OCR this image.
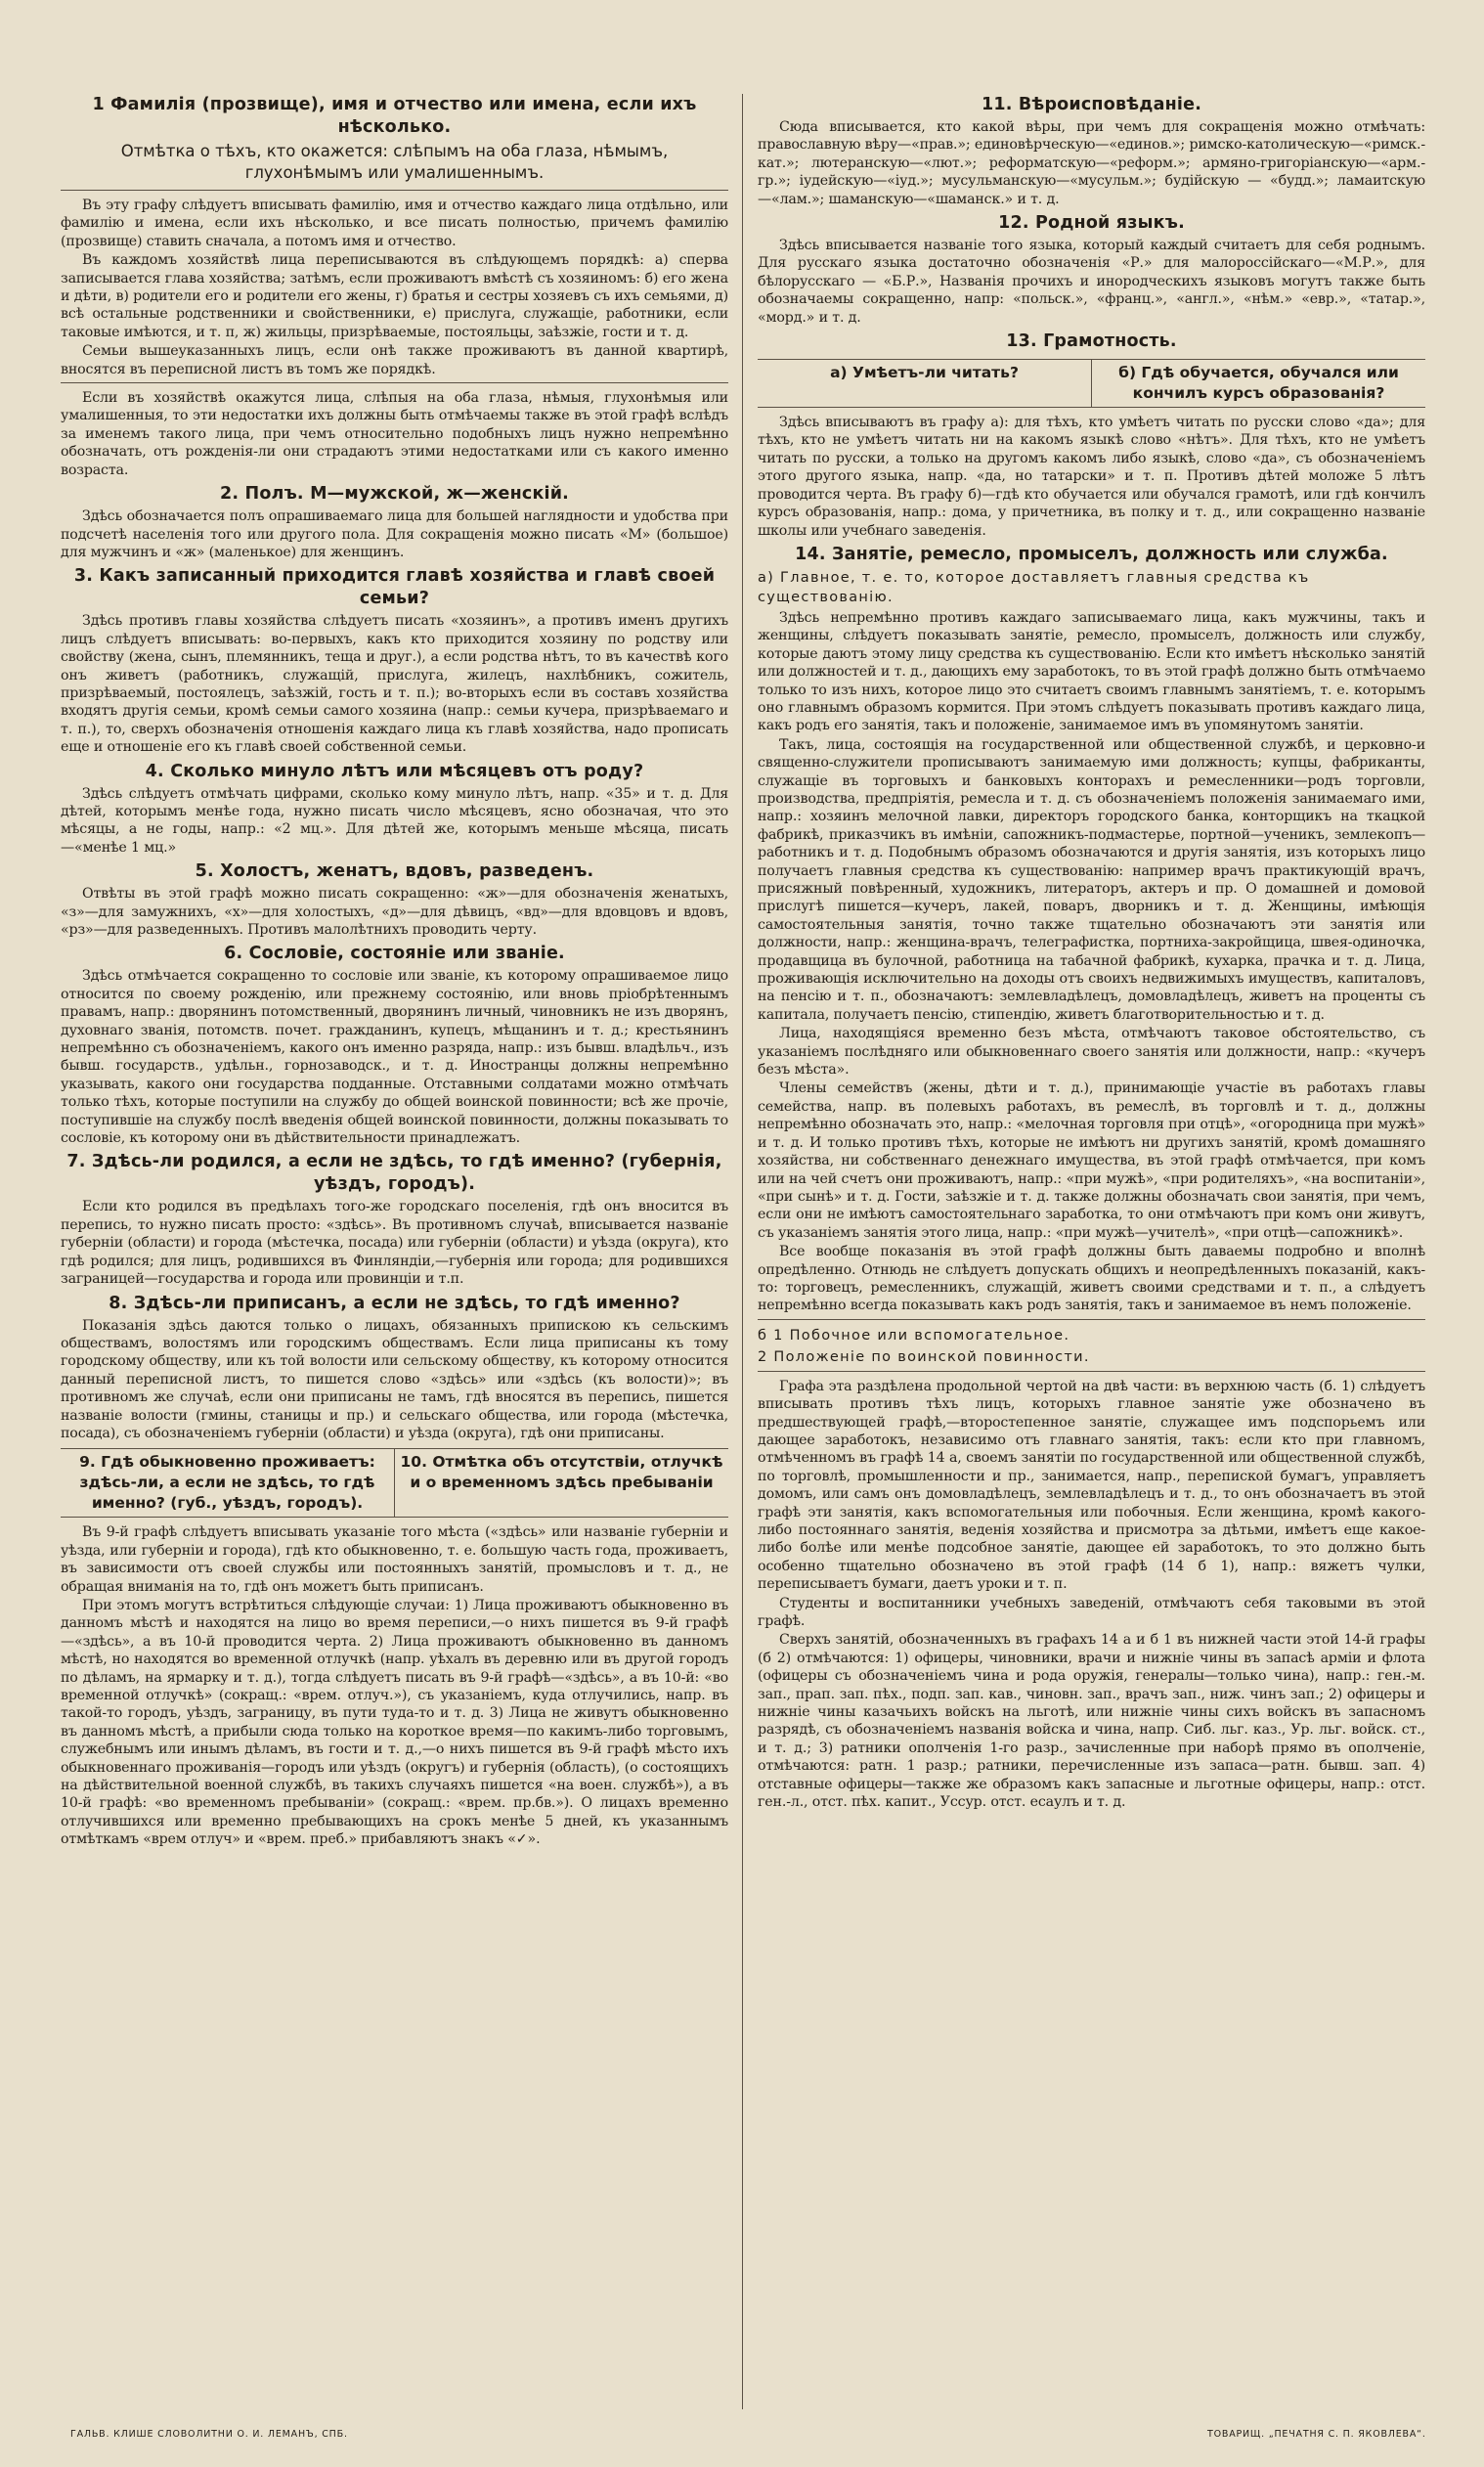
1 Фамилія (прозвище), имя и отчество или имена, если ихъ нѣсколько.
Отмѣтка о тѣхъ, кто окажется: слѣпымъ на оба глаза, нѣмымъ, глухонѣмымъ или умалишеннымъ.

Въ эту графу слѣдуетъ вписывать фамилію, имя и отчество каждаго лица отдѣльно, или фамилію и имена, если ихъ нѣсколько, и все писать полностью, причемъ фамилію (прозвище) ставить сначала, а потомъ имя и отчество.

Въ каждомъ хозяйствѣ лица переписываются въ слѣдующемъ порядкѣ: а) сперва записывается глава хозяйства; затѣмъ, если проживаютъ вмѣстѣ съ хозяиномъ: б) его жена и дѣти, в) родители его и родители его жены, г) братья и сестры хозяевъ съ ихъ семьями, д) всѣ остальные родственники и свойственники, е) прислуга, служащіе, работники, если таковые имѣются, и т. п, ж) жильцы, призрѣваемые, постояльцы, заѣзжіе, гости и т. д.

Семьи вышеуказанныхъ лицъ, если онѣ также проживаютъ въ данной квартирѣ, вносятся въ переписной листъ въ томъ же порядкѣ.

Если въ хозяйствѣ окажутся лица, слѣпыя на оба глаза, нѣмыя, глухонѣмыя или умалишенныя, то эти недостатки ихъ должны быть отмѣчаемы также въ этой графѣ вслѣдъ за именемъ такого лица, при чемъ относительно подобныхъ лицъ нужно непремѣнно обозначать, отъ рожденія-ли они страдаютъ этими недостатками или съ какого именно возраста.

2. Полъ. М—мужской, ж—женскій.

Здѣсь обозначается полъ опрашиваемаго лица для большей наглядности и удобства при подсчетѣ населенія того или другого пола. Для сокращенія можно писать «М» (большое) для мужчинъ и «ж» (маленькое) для женщинъ.

3. Какъ записанный приходится главѣ хозяйства и главѣ своей семьи?

Здѣсь противъ главы хозяйства слѣдуетъ писать «хозяинъ», а противъ именъ другихъ лицъ слѣдуетъ вписывать: во-первыхъ, какъ кто приходится хозяину по родству или свойству (жена, сынъ, племянникъ, теща и друг.), а если родства нѣтъ, то въ качествѣ кого онъ живетъ (работникъ, служащій, прислуга, жилецъ, нахлѣбникъ, сожитель, призрѣваемый, постоялецъ, заѣзжій, гость и т. п.); во-вторыхъ если въ составъ хозяйства входятъ другія семьи, кромѣ семьи самого хозяина (напр.: семьи кучера, призрѣваемаго и т. п.), то, сверхъ обозначенія отношенія каждаго лица къ главѣ хозяйства, надо прописать еще и отношеніе его къ главѣ своей собственной семьи.

4. Сколько минуло лѣтъ или мѣсяцевъ отъ роду?

Здѣсь слѣдуетъ отмѣчать цифрами, сколько кому минуло лѣтъ, напр. «35» и т. д. Для дѣтей, которымъ менѣе года, нужно писать число мѣсяцевъ, ясно обозначая, что это мѣсяцы, а не годы, напр.: «2 мц.». Для дѣтей же, которымъ меньше мѣсяца, писать—«менѣе 1 мц.»

5. Холостъ, женатъ, вдовъ, разведенъ.

Отвѣты въ этой графѣ можно писать сокращенно: «ж»—для обозначенія женатыхъ, «з»—для замужнихъ, «х»—для холостыхъ, «д»—для дѣвицъ, «вд»—для вдовцовъ и вдовъ, «рз»—для разведенныхъ. Противъ малолѣтнихъ проводить черту.

6. Сословіе, состояніе или званіе.

Здѣсь отмѣчается сокращенно то сословіе или званіе, къ которому опрашиваемое лицо относится по своему рожденію, или прежнему состоянію, или вновь пріобрѣтеннымъ правамъ, напр.: дворянинъ потомственный, дворянинъ личный, чиновникъ не изъ дворянъ, духовнаго званія, потомств. почет. гражданинъ, купецъ, мѣщанинъ и т. д.; крестьянинъ непремѣнно съ обозначеніемъ, какого онъ именно разряда, напр.: изъ бывш. владѣльч., изъ бывш. государств., удѣльн., горнозаводск., и т. д. Иностранцы должны непремѣнно указывать, какого они государства подданные. Отставными солдатами можно отмѣчать только тѣхъ, которые поступили на службу до общей воинской повинности; всѣ же прочіе, поступившіе на службу послѣ введенія общей воинской повинности, должны показывать то сословіе, къ которому они въ дѣйствительности принадлежатъ.

7. Здѣсь-ли родился, а если не здѣсь, то гдѣ именно? (губернія, уѣздъ, городъ).

Если кто родился въ предѣлахъ того-же городскаго поселенія, гдѣ онъ вносится въ перепись, то нужно писать просто: «здѣсь». Въ противномъ случаѣ, вписывается названіе губерніи (области) и города (мѣстечка, посада) или губерніи (области) и уѣзда (округа), кто гдѣ родился; для лицъ, родившихся въ Финляндіи,—губернія или города; для родившихся заграницей—государства и города или провинціи и т.п.

8. Здѣсь-ли приписанъ, а если не здѣсь, то гдѣ именно?

Показанія здѣсь даются только о лицахъ, обязанныхъ припискою къ сельскимъ обществамъ, волостямъ или городскимъ обществамъ. Если лица приписаны къ тому городскому обществу, или къ той волости или сельскому обществу, къ которому относится данный переписной листъ, то пишется слово «здѣсь» или «здѣсь (къ волости)»; въ противномъ же случаѣ, если они приписаны не тамъ, гдѣ вносятся въ перепись, пишется названіе волости (гмины, станицы и пр.) и сельскаго общества, или города (мѣстечка, посада), съ обозначеніемъ губерніи (области) и уѣзда (округа), гдѣ они приписаны.

9. Гдѣ обыкновенно проживаетъ: здѣсь-ли, а если не здѣсь, то гдѣ именно? (губ., уѣздъ, городъ).
10. Отмѣтка объ отсутствіи, отлучкѣ и о временномъ здѣсь пребываніи

Въ 9-й графѣ слѣдуетъ вписывать указаніе того мѣста («здѣсь» или названіе губерніи и уѣзда, или губерніи и города), гдѣ кто обыкновенно, т. е. большую часть года, проживаетъ, въ зависимости отъ своей службы или постоянныхъ занятій, промысловъ и т. д., не обращая вниманія на то, гдѣ онъ можетъ быть приписанъ.

При этомъ могутъ встрѣтиться слѣдующіе случаи: 1) Лица проживаютъ обыкновенно въ данномъ мѣстѣ и находятся на лицо во время переписи,—о нихъ пишется въ 9-й графѣ—«здѣсь», а въ 10-й проводится черта. 2) Лица проживаютъ обыкновенно въ данномъ мѣстѣ, но находятся во временной отлучкѣ (напр. уѣхалъ въ деревню или въ другой городъ по дѣламъ, на ярмарку и т. д.), тогда слѣдуетъ писать въ 9-й графѣ—«здѣсь», а въ 10-й: «во временной отлучкѣ» (сокращ.: «врем. отлуч.»), съ указаніемъ, куда отлучились, напр. въ такой-то городъ, уѣздъ, заграницу, въ пути туда-то и т. д. 3) Лица не живутъ обыкновенно въ данномъ мѣстѣ, а прибыли сюда только на короткое время—по какимъ-либо торговымъ, служебнымъ или инымъ дѣламъ, въ гости и т. д.,—о нихъ пишется въ 9-й графѣ мѣсто ихъ обыкновеннаго проживанія—городъ или уѣздъ (округъ) и губернія (область), (о состоящихъ на дѣйствительной военной службѣ, въ такихъ случаяхъ пишется «на воен. службѣ»), а въ 10-й графѣ: «во временномъ пребываніи» (сокращ.: «врем. пр.бв.»). О лицахъ временно отлучившихся или временно пребывающихъ на срокъ менѣе 5 дней, къ указаннымъ отмѣткамъ «врем отлуч» и «врем. преб.» прибавляютъ знакъ «✓».

11. Вѣроисповѣданіе.

Сюда вписывается, кто какой вѣры, при чемъ для сокращенія можно отмѣчать: православную вѣру—«прав.»; единовѣрческую—«единов.»; римско-католическую—«римск.-кат.»; лютеранскую—«лют.»; реформатскую—«реформ.»; армяно-григоріанскую—«арм.-гр.»; іудейскую—«іуд.»; мусульманскую—«мусульм.»; будійскую — «будд.»; ламаитскую—«лам.»; шаманскую—«шаманск.» и т. д.

12. Родной языкъ.

Здѣсь вписывается названіе того языка, который каждый считаетъ для себя роднымъ. Для русскаго языка достаточно обозначенія «Р.» для малороссійскаго—«М.Р.», для бѣлорусскаго — «Б.Р.», Названія прочихъ и инородческихъ языковъ могутъ также быть обозначаемы сокращенно, напр: «польск.», «франц.», «англ.», «нѣм.» «евр.», «татар.», «морд.» и т. д.

13. Грамотность.
а) Умѣетъ-ли читать?	б) Гдѣ обучается, обучался или кончилъ курсъ образованія?

Здѣсь вписываютъ въ графу а): для тѣхъ, кто умѣетъ читать по русски слово «да»; для тѣхъ, кто не умѣетъ читать ни на какомъ языкѣ слово «нѣтъ». Для тѣхъ, кто не умѣетъ читать по русски, а только на другомъ какомъ либо языкѣ, слово «да», съ обозначеніемъ этого другого языка, напр. «да, но татарски» и т. п. Противъ дѣтей моложе 5 лѣтъ проводится черта. Въ графу б)—гдѣ кто обучается или обучался грамотѣ, или гдѣ кончилъ курсъ образованія, напр.: дома, у причетника, въ полку и т. д., или сокращенно названіе школы или учебнаго заведенія.

14. Занятіе, ремесло, промыселъ, должность или служба.
а) Главное, т. е. то, которое доставляетъ главныя средства къ существованію.

Здѣсь непремѣнно противъ каждаго записываемаго лица, какъ мужчины, такъ и женщины, слѣдуетъ показывать занятіе, ремесло, промыселъ, должность или службу, которые даютъ этому лицу средства къ существованію. Если кто имѣетъ нѣсколько занятій или должностей и т. д., дающихъ ему заработокъ, то въ этой графѣ должно быть отмѣчаемо только то изъ нихъ, которое лицо это считаетъ своимъ главнымъ занятіемъ, т. е. которымъ оно главнымъ образомъ кормится. При этомъ слѣдуетъ показывать противъ каждаго лица, какъ родъ его занятія, такъ и положеніе, занимаемое имъ въ упомянутомъ занятіи.

Такъ, лица, состоящія на государственной или общественной службѣ, и церковно-и священно-служители прописываютъ занимаемую ими должность; купцы, фабриканты, служащіе въ торговыхъ и банковыхъ конторахъ и ремесленники—родъ торговли, производства, предпріятія, ремесла и т. д. съ обозначеніемъ положенія занимаемаго ими, напр.: хозяинъ мелочной лавки, директоръ городского банка, конторщикъ на ткацкой фабрикѣ, приказчикъ въ имѣніи, сапожникъ-подмастерье, портной—ученикъ, землекопъ—работникъ и т. д. Подобнымъ образомъ обозначаются и другія занятія, изъ которыхъ лицо получаетъ главныя средства къ существованію: например врачъ практикующій врачъ, присяжный повѣренный, художникъ, литераторъ, актеръ и пр. О домашней и домовой прислугѣ пишется—кучеръ, лакей, поваръ, дворникъ и т. д. Женщины, имѣющія самостоятельныя занятія, точно также тщательно обозначаютъ эти занятія или должности, напр.: женщина-врачъ, телеграфистка, портниха-закройщица, швея-одиночка, продавщица въ булочной, работница на табачной фабрикѣ, кухарка, прачка и т. д. Лица, проживающія исключительно на доходы отъ своихъ недвижимыхъ имуществъ, капиталовъ, на пенсію и т. п., обозначаютъ: землевладѣлецъ, домовладѣлецъ, живетъ на проценты съ капитала, получаетъ пенсію, стипендію, живетъ благотворительностью и т. д.

Лица, находящіяся временно безъ мѣста, отмѣчаютъ таковое обстоятельство, съ указаніемъ послѣдняго или обыкновеннаго своего занятія или должности, напр.: «кучеръ безъ мѣста».

Члены семействъ (жены, дѣти и т. д.), принимающіе участіе въ работахъ главы семейства, напр. въ полевыхъ работахъ, въ ремеслѣ, въ торговлѣ и т. д., должны непремѣнно обозначать это, напр.: «мелочная торговля при отцѣ», «огородница при мужѣ» и т. д. И только противъ тѣхъ, которые не имѣютъ ни другихъ занятій, кромѣ домашняго хозяйства, ни собственнаго денежнаго имущества, въ этой графѣ отмѣчается, при комъ или на чей счетъ они проживаютъ, напр.: «при мужѣ», «при родителяхъ», «на воспитаніи», «при сынѣ» и т. д. Гости, заѣзжіе и т. д. также должны обозначать свои занятія, при чемъ, если они не имѣютъ самостоятельнаго заработка, то они отмѣчаютъ при комъ они живутъ, съ указаніемъ занятія этого лица, напр.: «при мужѣ—учителѣ», «при отцѣ—сапожникѣ».

Все вообще показанія въ этой графѣ должны быть даваемы подробно и вполнѣ опредѣленно. Отнюдь не слѣдуетъ допускать общихъ и неопредѣленныхъ показаній, какъ-то: торговецъ, ремесленникъ, служащій, живетъ своими средствами и т. п., а слѣдуетъ непремѣнно всегда показывать какъ родъ занятія, такъ и занимаемое въ немъ положеніе.

б 1 Побочное или вспомогательное.
2 Положеніе по воинской повинности.

Графа эта раздѣлена продольной чертой на двѣ части: въ верхнюю часть (б. 1) слѣдуетъ вписывать противъ тѣхъ лицъ, которыхъ главное занятіе уже обозначено въ предшествующей графѣ,—второстепенное занятіе, служащее имъ подспорьемъ или дающее заработокъ, независимо отъ главнаго занятія, такъ: если кто при главномъ, отмѣченномъ въ графѣ 14 а, своемъ занятіи по государственной или общественной службѣ, по торговлѣ, промышленности и пр., занимается, напр., перепиской бумагъ, управляетъ домомъ, или самъ онъ домовладѣлецъ, землевладѣлецъ и т. д., то онъ обозначаетъ въ этой графѣ эти занятія, какъ вспомогательныя или побочныя. Если женщина, кромѣ какого-либо постояннаго занятія, веденія хозяйства и присмотра за дѣтьми, имѣетъ еще какое-либо болѣе или менѣе подсобное занятіе, дающее ей заработокъ, то это должно быть особенно тщательно обозначено въ этой графѣ (14 б 1), напр.: вяжетъ чулки, переписываетъ бумаги, даетъ уроки и т. п.

Студенты и воспитанники учебныхъ заведеній, отмѣчаютъ себя таковыми въ этой графѣ.

Сверхъ занятій, обозначенныхъ въ графахъ 14 а и б 1 въ нижней части этой 14-й графы (б 2) отмѣчаются: 1) офицеры, чиновники, врачи и нижніе чины въ запасѣ арміи и флота (офицеры съ обозначеніемъ чина и рода оружія, генералы—только чина), напр.: ген.-м. зап., прап. зап. пѣх., подп. зап. кав., чиновн. зап., врачъ зап., ниж. чинъ зап.; 2) офицеры и нижніе чины казачьихъ войскъ на льготѣ, или нижніе чины сихъ войскъ въ запасномъ разрядѣ, съ обозначеніемъ названія войска и чина, напр. Сиб. льг. каз., Ур. льг. войск. ст., и т. д.; 3) ратники ополченія 1-го разр., зачисленные при наборѣ прямо въ ополченіе, отмѣчаются: ратн. 1 разр.; ратники, перечисленные изъ запаса—ратн. бывш. зап. 4) отставные офицеры—также же образомъ какъ запасные и льготные офицеры, напр.: отст. ген.-л., отст. пѣх. капит., Уссур. отст. есаулъ и т. д.

ГАЛЬВ. КЛИШЕ СЛОВОЛИТНИ О. И. ЛЕМАНЪ, СПБ.	ТОВАРИЩ. „ПЕЧАТНЯ С. П. ЯКОВЛЕВА“.
